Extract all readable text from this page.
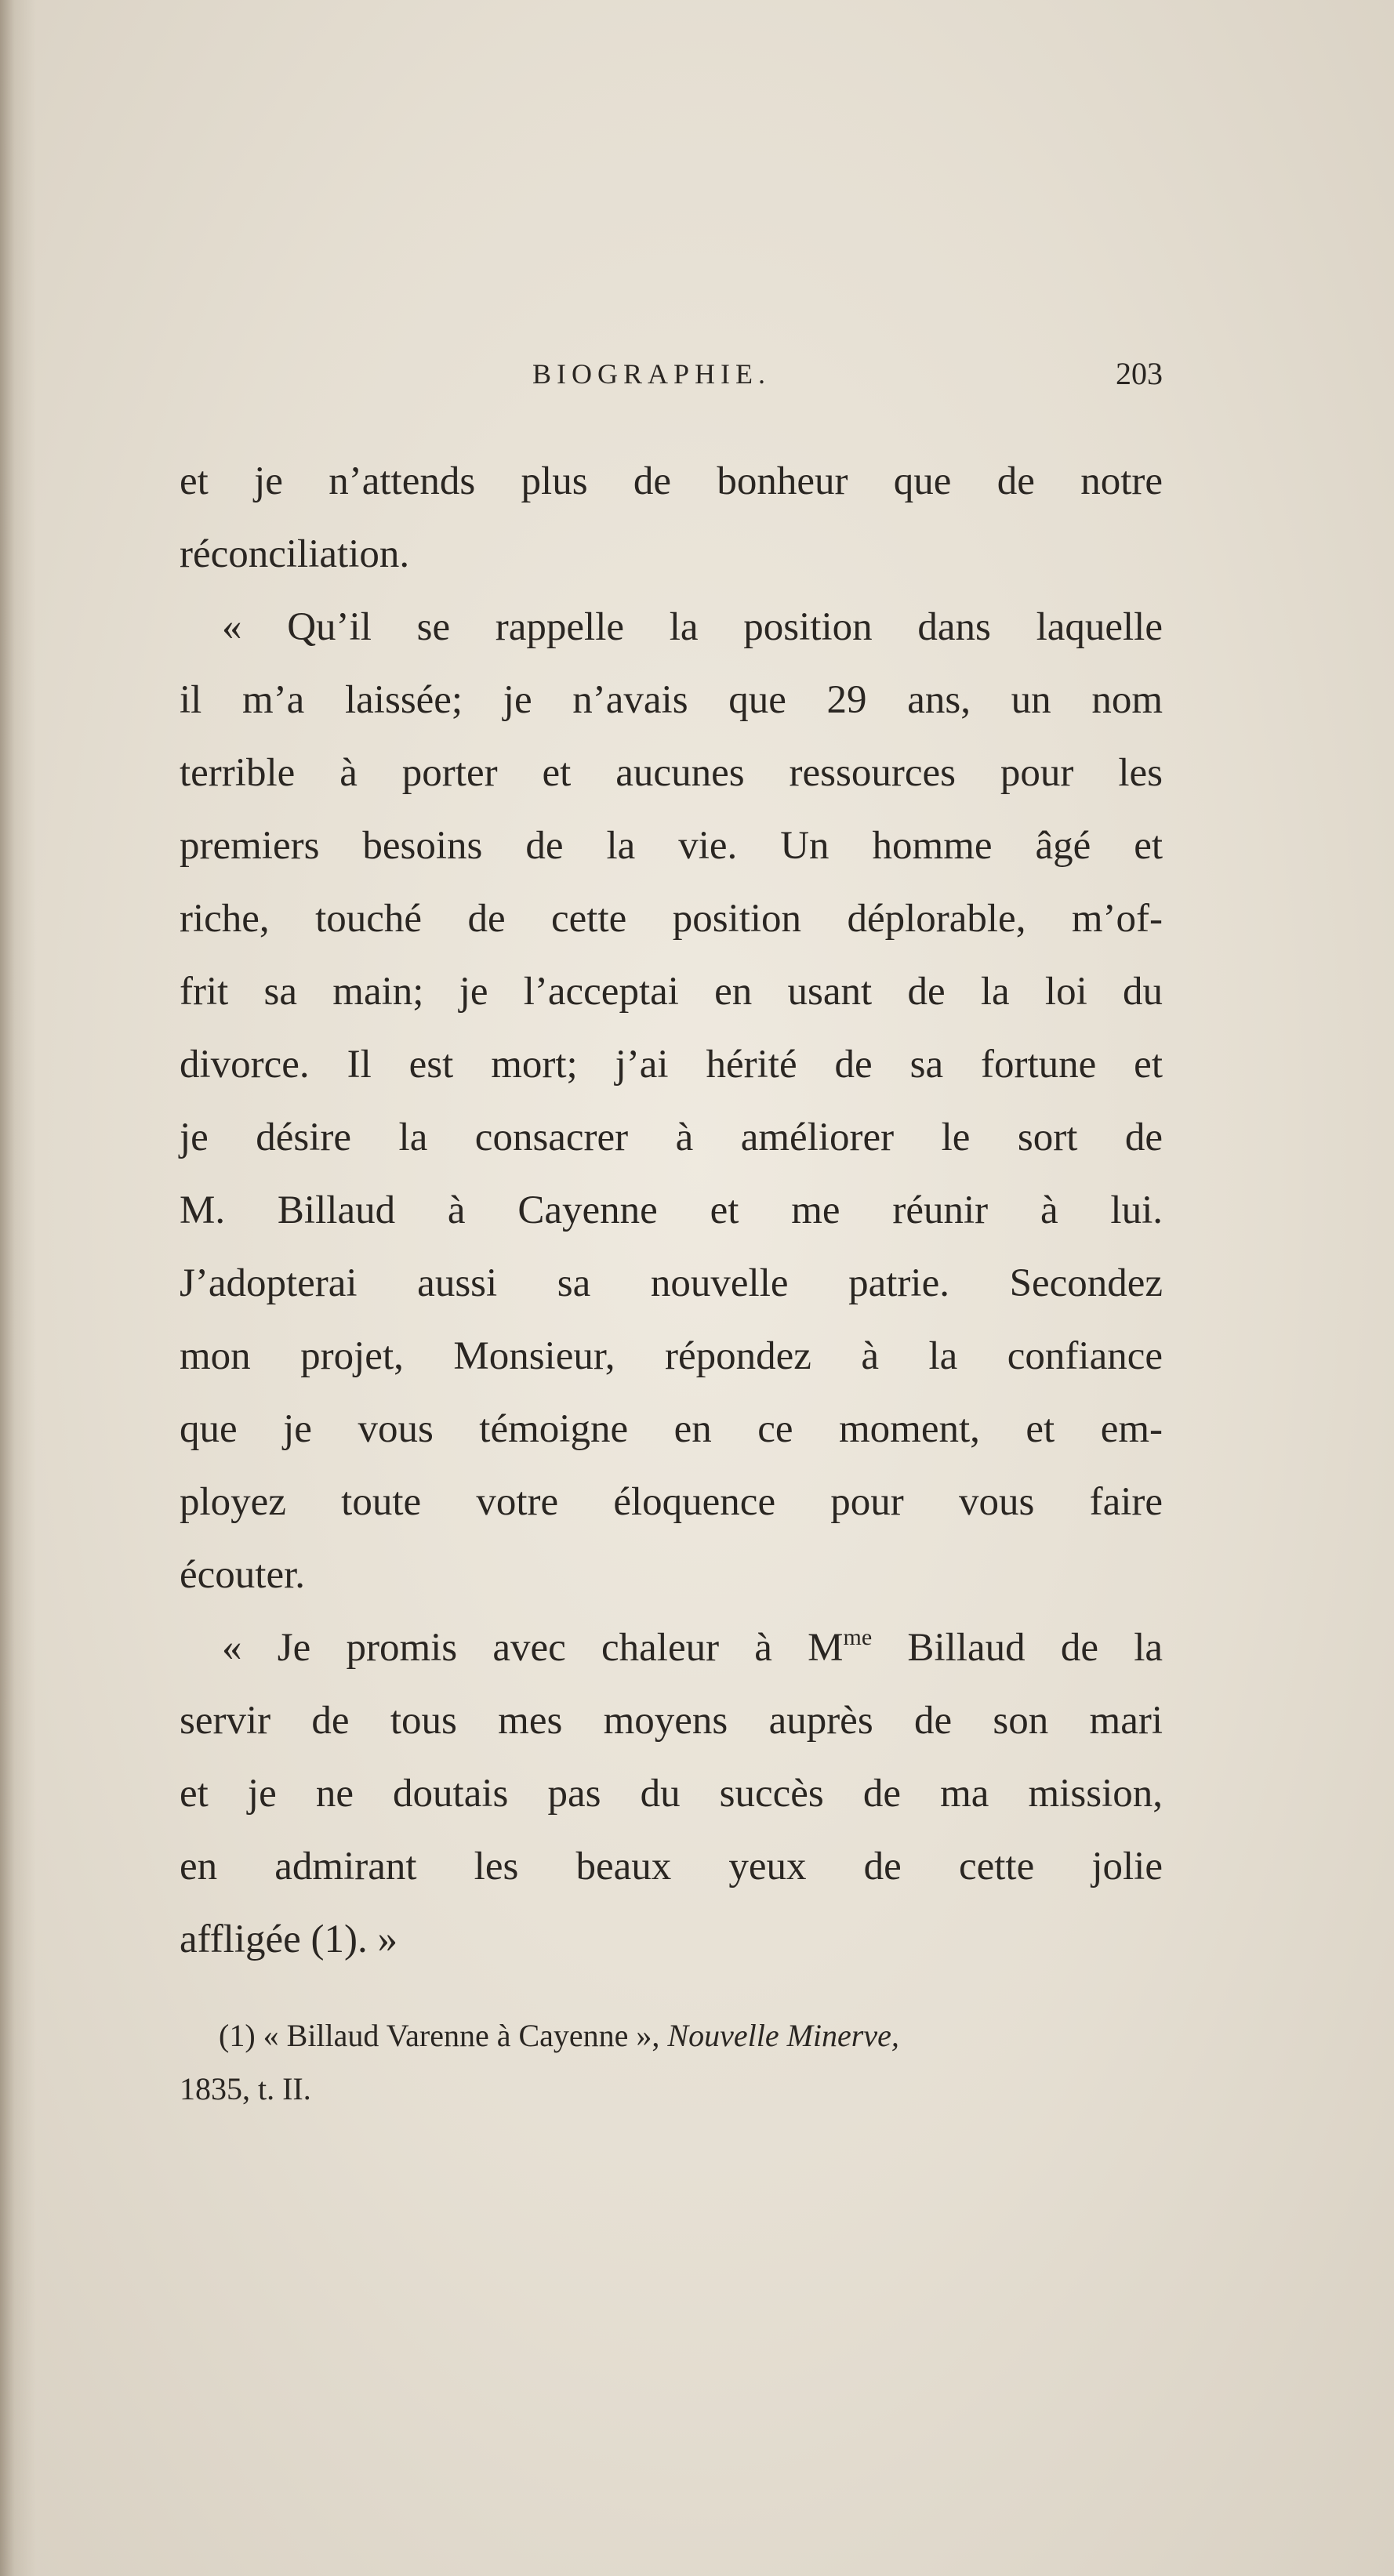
BIOGRAPHIE.	203
et je n’attends plus de bonheur que de notre
réconciliation.
« Qu’il se rappelle la position dans laquelle
il m’a laissée; je n’avais que 29 ans, un nom
terrible à porter et aucunes ressources pour les
premiers besoins de la vie. Un homme âgé et
riche, touché de cette position déplorable, m’of-
frit sa main; je l’acceptai en usant de la loi du
divorce. Il est mort; j’ai hérité de sa fortune et
je désire la consacrer à améliorer le sort de
M. Billaud à Cayenne et me réunir à lui.
J’adopterai aussi sa nouvelle patrie. Secondez
mon projet, Monsieur, répondez à la confiance
que je vous témoigne en ce moment, et em-
ployez toute votre éloquence pour vous faire
écouter.
« Je promis avec chaleur à $M^{me}$ Billaud de la
servir de tous mes moyens auprès de son mari
et je ne doutais pas du succès de ma mission,
en admirant les beaux yeux de cette jolie
affligée (1). »
(1) « Billaud Varenne à Cayenne », Nouvelle Minerve,
1835, t. II.
